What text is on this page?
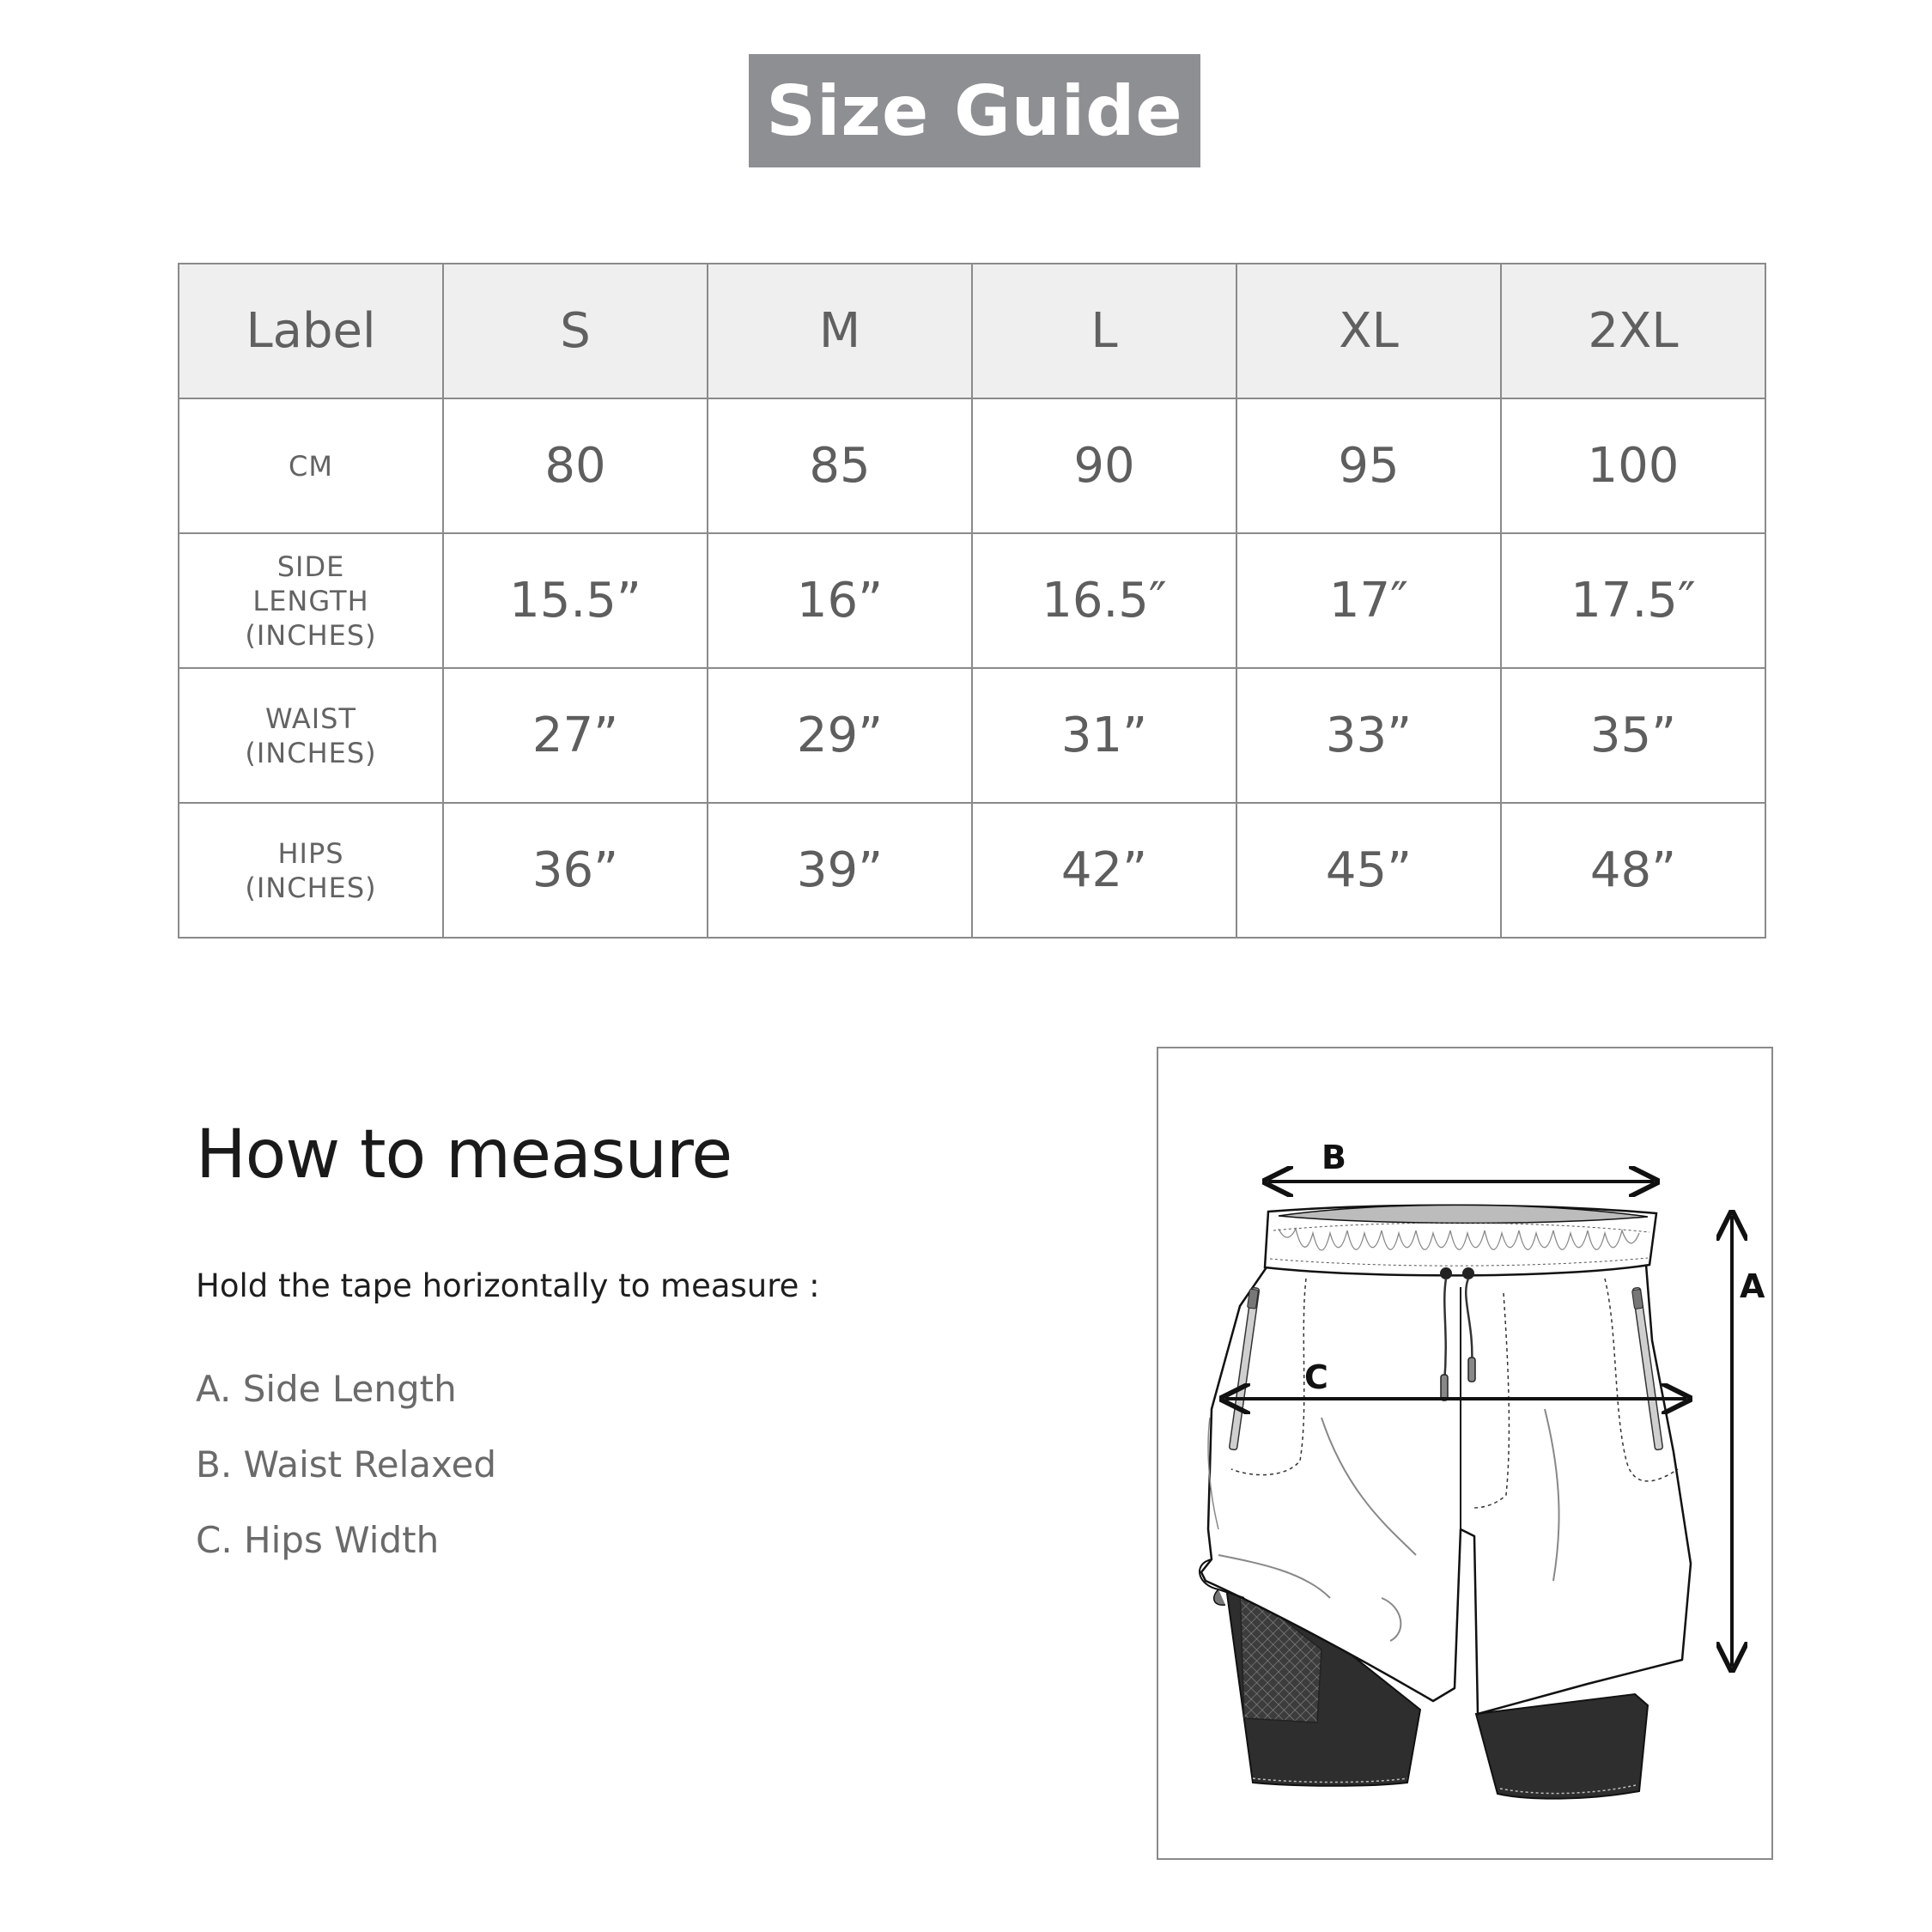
Size Guide
Label	S	M	L	XL	2XL
CM	80	85	90	95	100
SIDE
LENGTH
(INCHES)	15.5”	16”	16.5″	17″	17.5″
WAIST
(INCHES)	27”	29”	31”	33”	35”
HIPS
(INCHES)	36”	39”	42”	45”	48”
How to measure
Hold the tape horizontally to measure :
A. Side Length
B. Waist Relaxed
C. Hips Width
B
C
A
